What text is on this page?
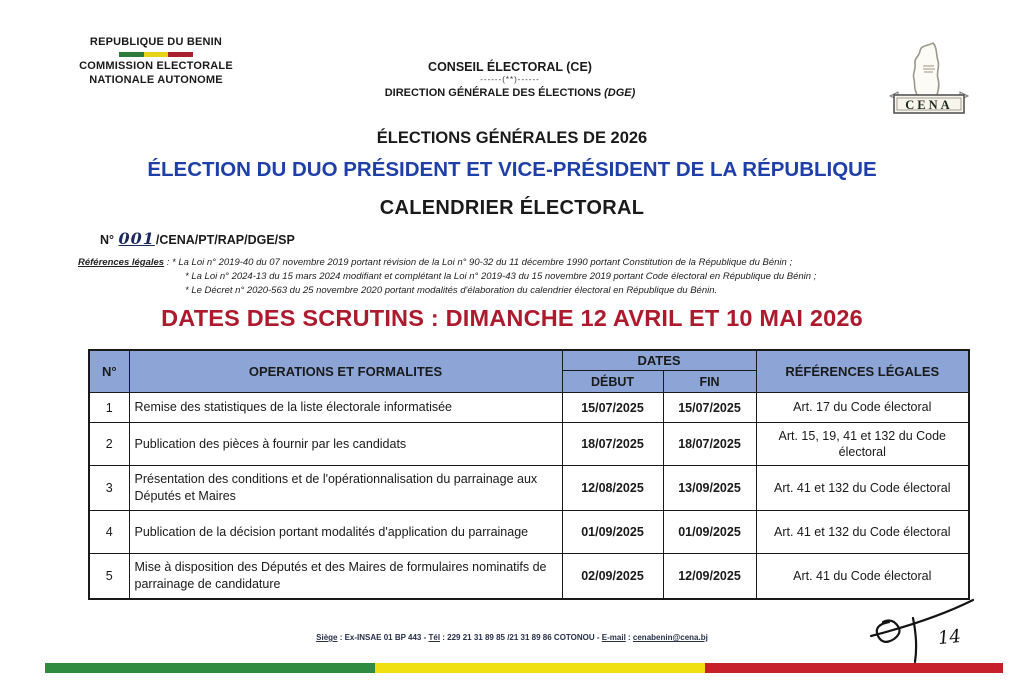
REPUBLIQUE DU BENIN
COMMISSION ELECTORALE
NATIONALE AUTONOME
CONSEIL ÉLECTORAL (CE)
------(**)------
DIRECTION GÉNÉRALE DES ÉLECTIONS (DGE)
CENA
ÉLECTIONS GÉNÉRALES DE 2026
ÉLECTION DU DUO PRÉSIDENT ET VICE-PRÉSIDENT DE LA RÉPUBLIQUE
CALENDRIER ÉLECTORAL
N° 001/CENA/PT/RAP/DGE/SP
Références légales : * La Loi n° 2019-40 du 07 novembre 2019 portant révision de la Loi n° 90-32 du 11 décembre 1990 portant Constitution de la République du Bénin ;
* La Loi n° 2024-13 du 15 mars 2024 modifiant et complétant la Loi n° 2019-43 du 15 novembre 2019 portant Code électoral en République du Bénin ;
* Le Décret n° 2020-563 du 25 novembre 2020 portant modalités d'élaboration du calendrier électoral en République du Bénin.
DATES DES SCRUTINS : DIMANCHE 12 AVRIL ET 10 MAI 2026
N°	OPERATIONS ET FORMALITES	DATES		RÉFÉRENCES LÉGALES
		DÉBUT	FIN	
1	Remise des statistiques de la liste électorale informatisée	15/07/2025	15/07/2025	Art. 17 du Code électoral
2	Publication des pièces à fournir par les candidats	18/07/2025	18/07/2025	Art. 15, 19, 41 et 132 du Code électoral
3	Présentation des conditions et de l'opérationnalisation du parrainage aux Députés et Maires	12/08/2025	13/09/2025	Art. 41 et 132 du Code électoral
4	Publication de la décision portant modalités d'application du parrainage	01/09/2025	01/09/2025	Art. 41 et 132 du Code électoral
5	Mise à disposition des Députés et des Maires de formulaires nominatifs de parrainage de candidature	02/09/2025	12/09/2025	Art. 41 du Code électoral
Siège : Ex-INSAE 01 BP 443 - Tél : 229 21 31 89 85 /21 31 89 86 COTONOU - E-mail : cenabenin@cena.bj	14
